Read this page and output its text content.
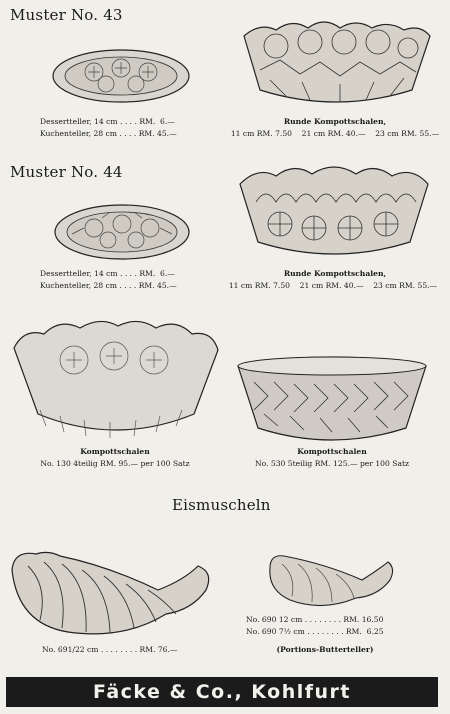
Muster No. 43
Dessertteller, 14 cm . . . . RM.  6.—
Kuchenteller, 28 cm . . . . RM. 45.—
Runde Kompottschalen,
11 cm RM. 7.50    21 cm RM. 40.—    23 cm RM. 55.—
Muster No. 44
Dessertteller, 14 cm . . . . RM.  6.—
Kuchenteller, 28 cm . . . . RM. 45.—
Runde Kompottschalen,
11 cm RM. 7.50    21 cm RM. 40.—    23 cm RM. 55.—
Kompottschalen
No. 130 4teilig RM. 95.— per 100 Satz
Kompottschalen
No. 530 5teilig RM. 125.— per 100 Satz
Eismuscheln
No. 691/22 cm . . . . . . . . RM. 76.—
No. 690 12 cm . . . . . . . . RM. 16.50
No. 690 7½ cm . . . . . . . . RM.  6.25
(Portions-Butterteller)
Fäcke & Co., Kohlfurt
